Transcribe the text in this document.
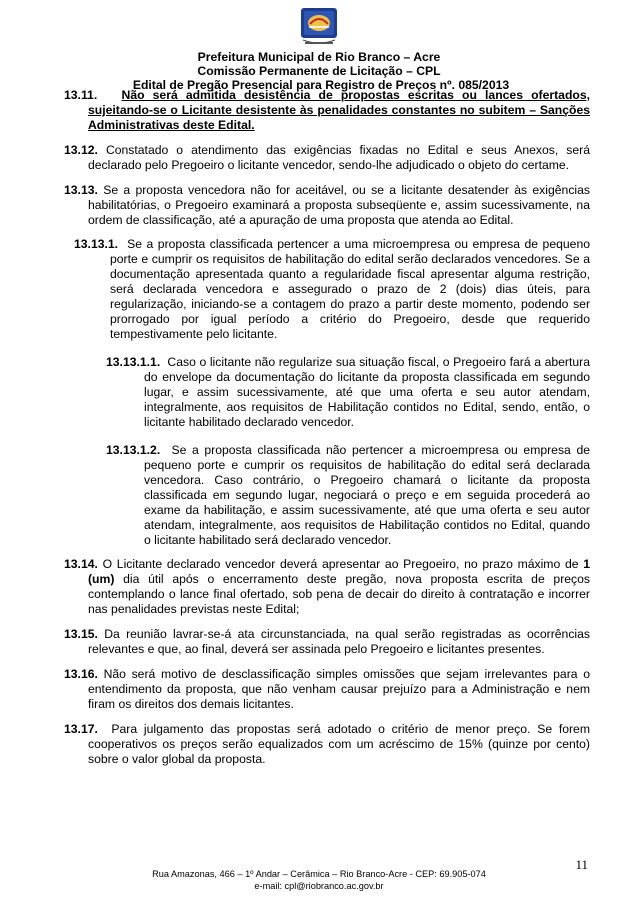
Prefeitura Municipal de Rio Branco – Acre
Comissão Permanente de Licitação – CPL
Edital de Pregão Presencial para Registro de Preços nº. 085/2013

13.11. Não será admitida desistência de propostas escritas ou lances ofertados, sujeitando-se o Licitante desistente às penalidades constantes no subitem – Sanções Administrativas deste Edital.

13.12. Constatado o atendimento das exigências fixadas no Edital e seus Anexos, será declarado pelo Pregoeiro o licitante vencedor, sendo-lhe adjudicado o objeto do certame.

13.13. Se a proposta vencedora não for aceitável, ou se a licitante desatender às exigências habilitatórias, o Pregoeiro examinará a proposta subseqüente e, assim sucessivamente, na ordem de classificação, até a apuração de uma proposta que atenda ao Edital.

13.13.1. Se a proposta classificada pertencer a uma microempresa ou empresa de pequeno porte e cumprir os requisitos de habilitação do edital serão declarados vencedores. Se a documentação apresentada quanto a regularidade fiscal apresentar alguma restrição, será declarada vencedora e assegurado o prazo de 2 (dois) dias úteis, para regularização, iniciando-se a contagem do prazo a partir deste momento, podendo ser prorrogado por igual período a critério do Pregoeiro, desde que requerido tempestivamente pelo licitante.

13.13.1.1. Caso o licitante não regularize sua situação fiscal, o Pregoeiro fará a abertura do envelope da documentação do licitante da proposta classificada em segundo lugar, e assim sucessivamente, até que uma oferta e seu autor atendam, integralmente, aos requisitos de Habilitação contidos no Edital, sendo, então, o licitante habilitado declarado vencedor.

13.13.1.2. Se a proposta classificada não pertencer a microempresa ou empresa de pequeno porte e cumprir os requisitos de habilitação do edital será declarada vencedora. Caso contrário, o Pregoeiro chamará o licitante da proposta classificada em segundo lugar, negociará o preço e em seguida procederá ao exame da habilitação, e assim sucessivamente, até que uma oferta e seu autor atendam, integralmente, aos requisitos de Habilitação contidos no Edital, quando o licitante habilitado será declarado vencedor.

13.14. O Licitante declarado vencedor deverá apresentar ao Pregoeiro, no prazo máximo de 1 (um) dia útil após o encerramento deste pregão, nova proposta escrita de preços contemplando o lance final ofertado, sob pena de decair do direito à contratação e incorrer nas penalidades previstas neste Edital;

13.15. Da reunião lavrar-se-á ata circunstanciada, na qual serão registradas as ocorrências relevantes e que, ao final, deverá ser assinada pelo Pregoeiro e licitantes presentes.

13.16. Não será motivo de desclassificação simples omissões que sejam irrelevantes para o entendimento da proposta, que não venham causar prejuízo para a Administração e nem firam os direitos dos demais licitantes.

13.17. Para julgamento das propostas será adotado o critério de menor preço. Se forem cooperativos os preços serão equalizados com um acréscimo de 15% (quinze por cento) sobre o valor global da proposta.

11
Rua Amazonas, 466 – 1º Andar – Cerâmica – Rio Branco-Acre - CEP: 69.905-074
e-mail: cpl@riobranco.ac.gov.br
